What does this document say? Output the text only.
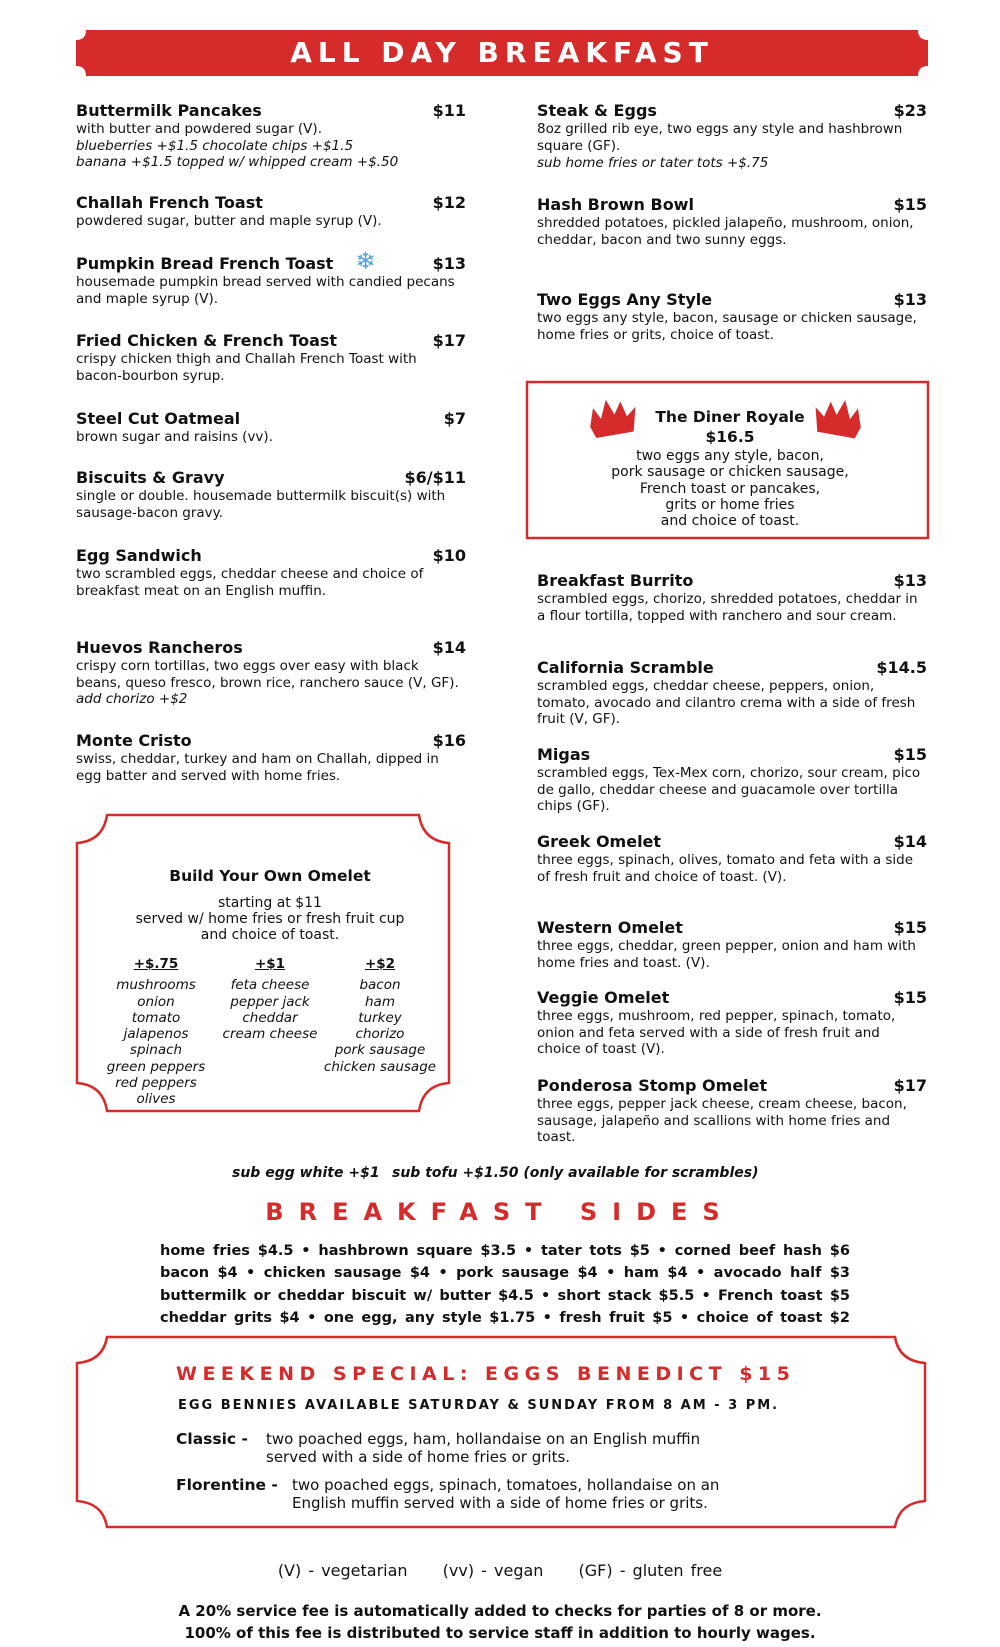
ALL DAY BREAKFAST
Buttermilk Pancakes	$11
with butter and powdered sugar (V).
blueberries +$1.5 chocolate chips +$1.5
banana +$1.5 topped w/ whipped cream +$.50
Challah French Toast	$12
powdered sugar, butter and maple syrup (V).
Pumpkin Bread French Toast ❄	$13
housemade pumpkin bread served with candied pecans and maple syrup (V).
Fried Chicken & French Toast	$17
crispy chicken thigh and Challah French Toast with bacon-bourbon syrup.
Steel Cut Oatmeal	$7
brown sugar and raisins (vv).
Biscuits & Gravy	$6/$11
single or double. housemade buttermilk biscuit(s) with sausage-bacon gravy.
Egg Sandwich	$10
two scrambled eggs, cheddar cheese and choice of breakfast meat on an English muffin.
Huevos Rancheros	$14
crispy corn tortillas, two eggs over easy with black beans, queso fresco, brown rice, ranchero sauce (V, GF). add chorizo +$2
Monte Cristo	$16
swiss, cheddar, turkey and ham on Challah, dipped in egg batter and served with home fries.
Steak & Eggs	$23
8oz grilled rib eye, two eggs any style and hashbrown square (GF).
sub home fries or tater tots +$.75
Hash Brown Bowl	$15
shredded potatoes, pickled jalapeño, mushroom, onion, cheddar, bacon and two sunny eggs.
Two Eggs Any Style	$13
two eggs any style, bacon, sausage or chicken sausage, home fries or grits, choice of toast.
Breakfast Burrito	$13
scrambled eggs, chorizo, shredded potatoes, cheddar in a flour tortilla, topped with ranchero and sour cream.
California Scramble	$14.5
scrambled eggs, cheddar cheese, peppers, onion, tomato, avocado and cilantro crema with a side of fresh fruit (V, GF).
Migas	$15
scrambled eggs, Tex-Mex corn, chorizo, sour cream, pico de gallo, cheddar cheese and guacamole over tortilla chips (GF).
Greek Omelet	$14
three eggs, spinach, olives, tomato and feta with a side of fresh fruit and choice of toast. (V).
Western Omelet	$15
three eggs, cheddar, green pepper, onion and ham with home fries and toast. (V).
Veggie Omelet	$15
three eggs, mushroom, red pepper, spinach, tomato, onion and feta served with a side of fresh fruit and choice of toast (V).
Ponderosa Stomp Omelet	$17
three eggs, pepper jack cheese, cream cheese, bacon, sausage, jalapeño and scallions with home fries and toast.
The Diner Royale
$16.5
two eggs any style, bacon,
pork sausage or chicken sausage,
French toast or pancakes,
grits or home fries
and choice of toast.
Build Your Own Omelet
starting at $11
served w/ home fries or fresh fruit cup
and choice of toast.
+$.75
mushrooms
onion
tomato
jalapenos
spinach
green peppers
red peppers
olives
+$1
feta cheese
pepper jack
cheddar
cream cheese
+$2
bacon
ham
turkey
chorizo
pork sausage
chicken sausage
sub egg white +$1 sub tofu +$1.50 (only available for scrambles)
BREAKFAST SIDES
home fries $4.5 • hashbrown square $3.5 • tater tots $5 • corned beef hash $6
bacon $4 • chicken sausage $4 • pork sausage $4 • ham $4 • avocado half $3
buttermilk or cheddar biscuit w/ butter $4.5 • short stack $5.5 • French toast $5
cheddar grits $4 • one egg, any style $1.75 • fresh fruit $5 • choice of toast $2
WEEKEND SPECIAL: EGGS BENEDICT $15
EGG BENNIES AVAILABLE SATURDAY & SUNDAY FROM 8 AM - 3 PM.
Classic - two poached eggs, ham, hollandaise on an English muffin
served with a side of home fries or grits.
Florentine - two poached eggs, spinach, tomatoes, hollandaise on an
English muffin served with a side of home fries or grits.
(V) - vegetarian (vv) - vegan (GF) - gluten free
A 20% service fee is automatically added to checks for parties of 8 or more.
100% of this fee is distributed to service staff in addition to hourly wages.
